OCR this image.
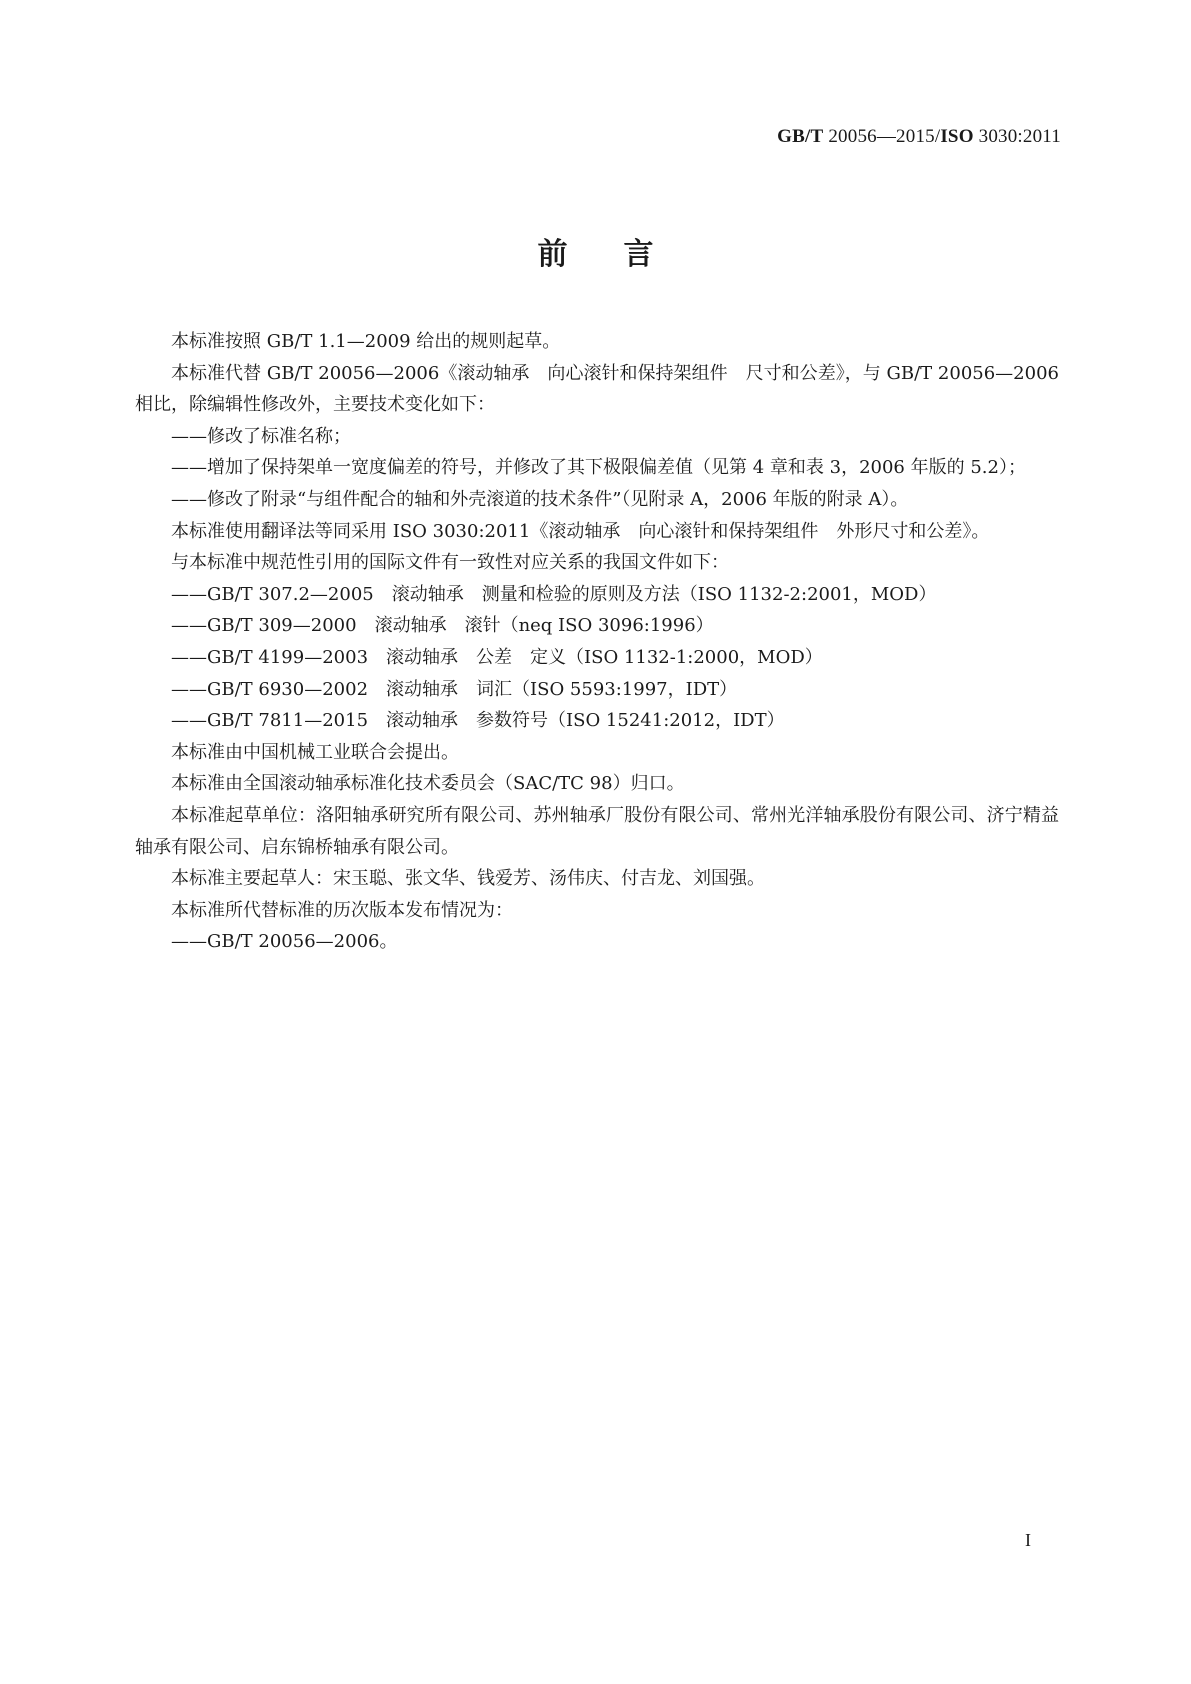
GB/T 20056—2015/ISO 3030:2011
前言

本标准按照 GB/T 1.1—2009 给出的规则起草。

本标准代替 GB/T 20056—2006《滚动轴承　向心滚针和保持架组件　尺寸和公差》，与 GB/T 20056—2006 相比，除编辑性修改外，主要技术变化如下：

——修改了标准名称；

——增加了保持架单一宽度偏差的符号，并修改了其下极限偏差值（见第 4 章和表 3，2006 年版的 5.2）；

——修改了附录“与组件配合的轴和外壳滚道的技术条件”（见附录 A，2006 年版的附录 A）。

本标准使用翻译法等同采用 ISO 3030:2011《滚动轴承　向心滚针和保持架组件　外形尺寸和公差》。

与本标准中规范性引用的国际文件有一致性对应关系的我国文件如下：

——GB/T 307.2—2005　滚动轴承　测量和检验的原则及方法（ISO 1132-2:2001，MOD）

——GB/T 309—2000　滚动轴承　滚针（neq ISO 3096:1996）

——GB/T 4199—2003　滚动轴承　公差　定义（ISO 1132-1:2000，MOD）

——GB/T 6930—2002　滚动轴承　词汇（ISO 5593:1997，IDT）

——GB/T 7811—2015　滚动轴承　参数符号（ISO 15241:2012，IDT）

本标准由中国机械工业联合会提出。

本标准由全国滚动轴承标准化技术委员会（SAC/TC 98）归口。

本标准起草单位：洛阳轴承研究所有限公司、苏州轴承厂股份有限公司、常州光洋轴承股份有限公司、济宁精益轴承有限公司、启东锦桥轴承有限公司。

本标准主要起草人：宋玉聪、张文华、钱爱芳、汤伟庆、付吉龙、刘国强。

本标准所代替标准的历次版本发布情况为：

——GB/T 20056—2006。

I
